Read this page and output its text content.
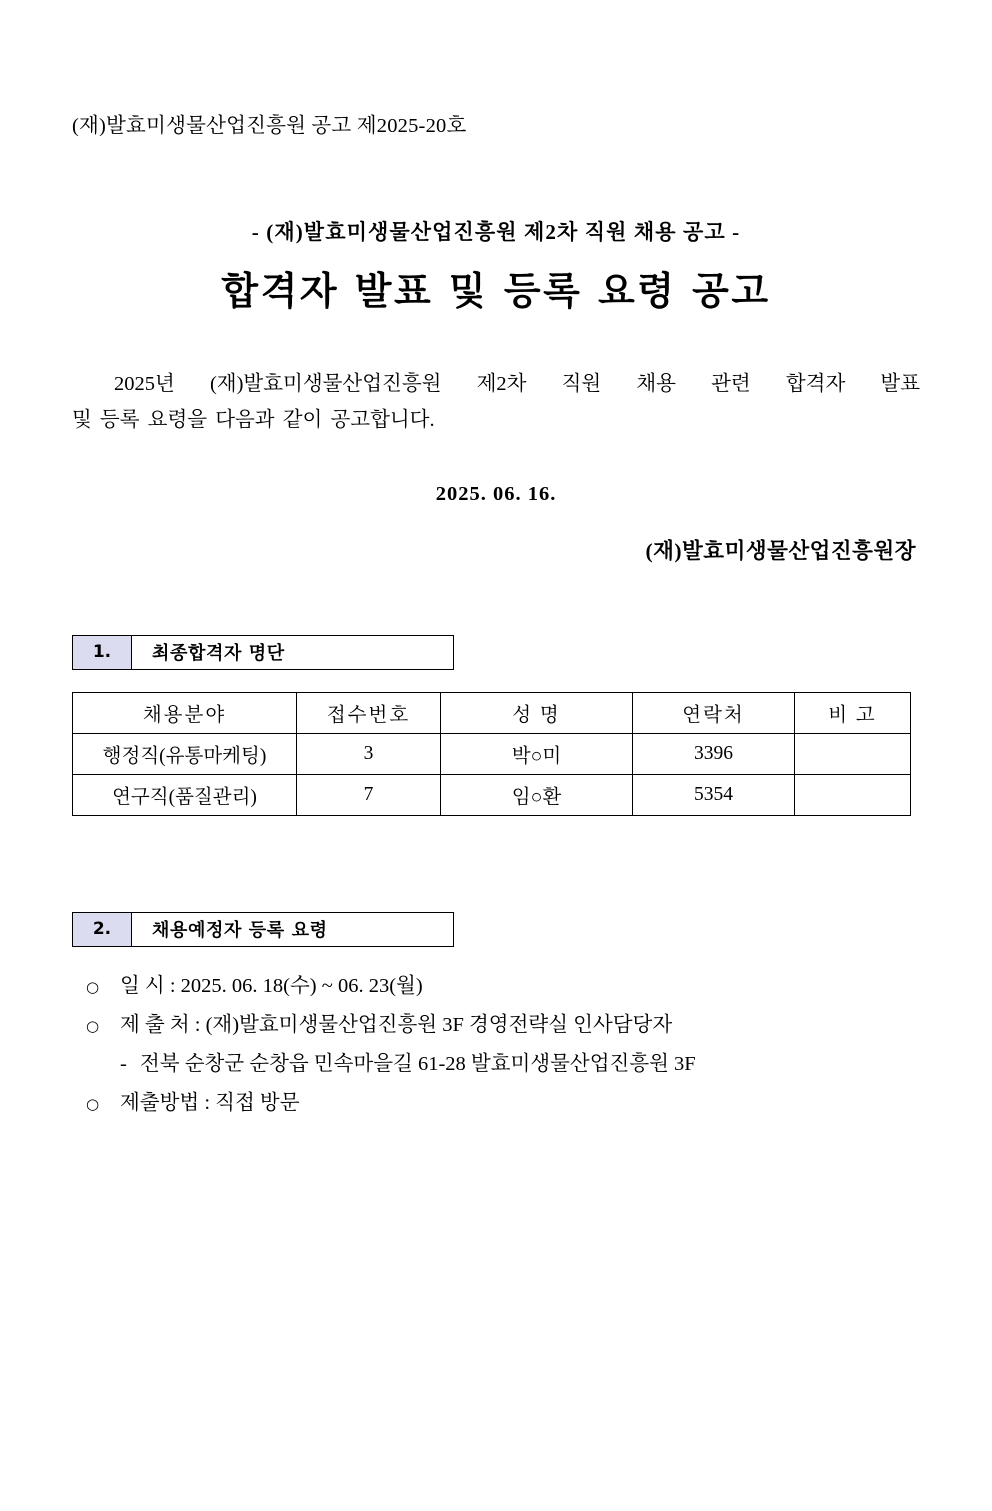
(재)발효미생물산업진흥원 공고 제2025-20호
- (재)발효미생물산업진흥원 제2차 직원 채용 공고 -
합격자 발표 및 등록 요령 공고
2025년 (재)발효미생물산업진흥원 제2차 직원 채용 관련 합격자 발표
및 등록 요령을 다음과 같이 공고합니다.
2025. 06. 16.
(재)발효미생물산업진흥원장
1.	최종합격자 명단
채용분야	접수번호	성 명	연락처	비 고
행정직(유통마케팅)	3	박○미	3396	
연구직(품질관리)	7	임○환	5354	
2.	채용예정자 등록 요령
○	일 시 : 2025. 06. 18(수) ~ 06. 23(월)
○	제 출 처 : (재)발효미생물산업진흥원 3F 경영전략실 인사담당자
- 전북 순창군 순창읍 민속마을길 61-28 발효미생물산업진흥원 3F
○	제출방법 : 직접 방문
